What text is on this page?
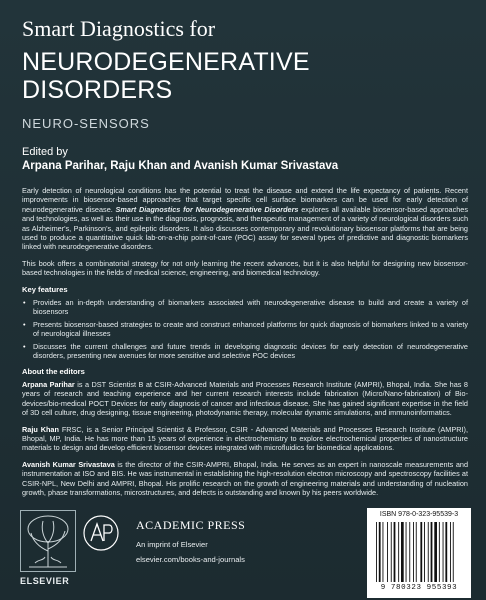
Smart Diagnostics for
NEURODEGENERATIVE
DISORDERS
NEURO-SENSORS
Edited by
Arpana Parihar, Raju Khan and Avanish Kumar Srivastava

Early detection of neurological conditions has the potential to treat the disease and extend the life expectancy of patients. Recent improvements in biosensor-based approaches that target specific cell surface biomarkers can be used for early detection of neurodegenerative disease. Smart Diagnostics for Neurodegenerative Disorders explores all available biosensor-based approaches and technologies, as well as their use in the diagnosis, prognosis, and therapeutic management of a variety of neurological disorders such as Alzheimer's, Parkinson's, and epileptic disorders. It also discusses contemporary and revolutionary biosensor platforms that are being used to produce a quantitative quick lab-on-a-chip point-of-care (POC) assay for several types of predictive and diagnostic biomarkers linked with neurodegenerative disorders.

This book offers a combinatorial strategy for not only learning the recent advances, but it is also helpful for designing new biosensor-based technologies in the fields of medical science, engineering, and biomedical technology.

Key features
• Provides an in-depth understanding of biomarkers associated with neurodegenerative disease to build and create a variety of biosensors
• Presents biosensor-based strategies to create and construct enhanced platforms for quick diagnosis of biomarkers linked to a variety of neurological illnesses
• Discusses the current challenges and future trends in developing diagnostic devices for early detection of neurodegenerative disorders, presenting new avenues for more sensitive and selective POC devices
About the editors

Arpana Parihar is a DST Scientist B at CSIR-Advanced Materials and Processes Research Institute (AMPRI), Bhopal, India. She has 8 years of research and teaching experience and her current research interests include fabrication (Micro/Nano-fabrication) of Bio-devices/bio-medical POCT Devices for early diagnosis of cancer and infectious disease. She has gained significant expertise in the field of 3D cell culture, drug designing, tissue engineering, photodynamic therapy, molecular dynamic simulations, and immunoinformatics.

Raju Khan FRSC, is a Senior Principal Scientist & Professor, CSIR - Advanced Materials and Processes Research Institute (AMPRI), Bhopal, MP, India. He has more than 15 years of experience in electrochemistry to explore electrochemical properties of nanostructure materials to design and develop efficient biosensor devices integrated with microfluidics for biomedical applications.

Avanish Kumar Srivastava is the director of the CSIR-AMPRI, Bhopal, India. He serves as an expert in nanoscale measurements and instrumentation at ISO and BIS. He was instrumental in establishing the high-resolution electron microscopy and spectroscopy facilities at CSIR-NPL, New Delhi and AMPRI, Bhopal. His prolific research on the growth of engineering materials and understanding of nucleation growth, phase transformations, microstructures, and defects is outstanding and known by his peers worldwide.

ELSEVIER
ACADEMIC PRESS
An imprint of Elsevier
elsevier.com/books-and-journals
ISBN 978-0-323-95539-3
9 780323 955393
